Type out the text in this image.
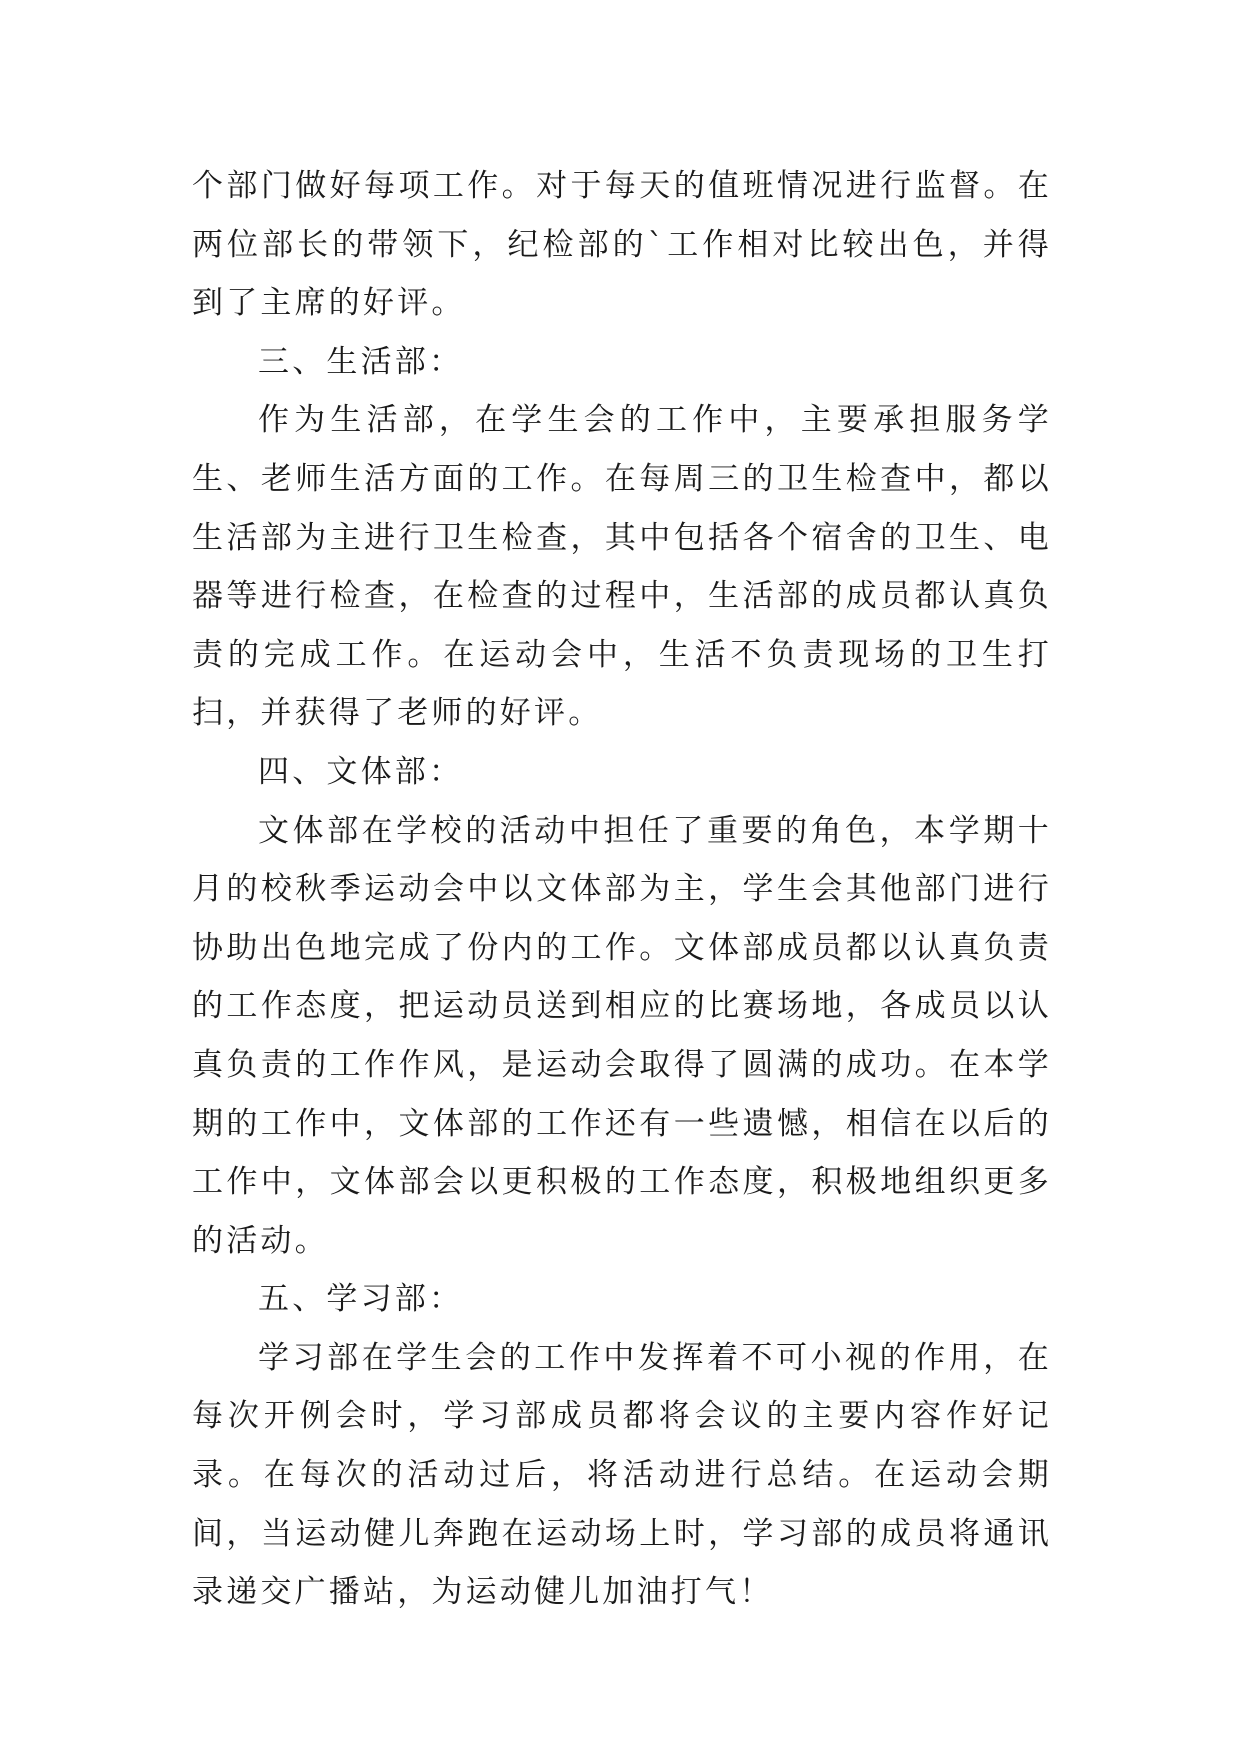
个部门做好每项工作。对于每天的值班情况进行监督。在两位部长的带领下，纪检部的`工作相对比较出色，并得到了主席的好评。

三、生活部：

作为生活部，在学生会的工作中，主要承担服务学生、老师生活方面的工作。在每周三的卫生检查中，都以生活部为主进行卫生检查，其中包括各个宿舍的卫生、电器等进行检查，在检查的过程中，生活部的成员都认真负责的完成工作。在运动会中，生活不负责现场的卫生打扫，并获得了老师的好评。

四、文体部：

文体部在学校的活动中担任了重要的角色，本学期十月的校秋季运动会中以文体部为主，学生会其他部门进行协助出色地完成了份内的工作。文体部成员都以认真负责的工作态度，把运动员送到相应的比赛场地，各成员以认真负责的工作作风，是运动会取得了圆满的成功。在本学期的工作中，文体部的工作还有一些遗憾，相信在以后的工作中，文体部会以更积极的工作态度，积极地组织更多的活动。

五、学习部：

学习部在学生会的工作中发挥着不可小视的作用，在每次开例会时，学习部成员都将会议的主要内容作好记录。在每次的活动过后，将活动进行总结。在运动会期间，当运动健儿奔跑在运动场上时，学习部的成员将通讯录递交广播站，为运动健儿加油打气！
